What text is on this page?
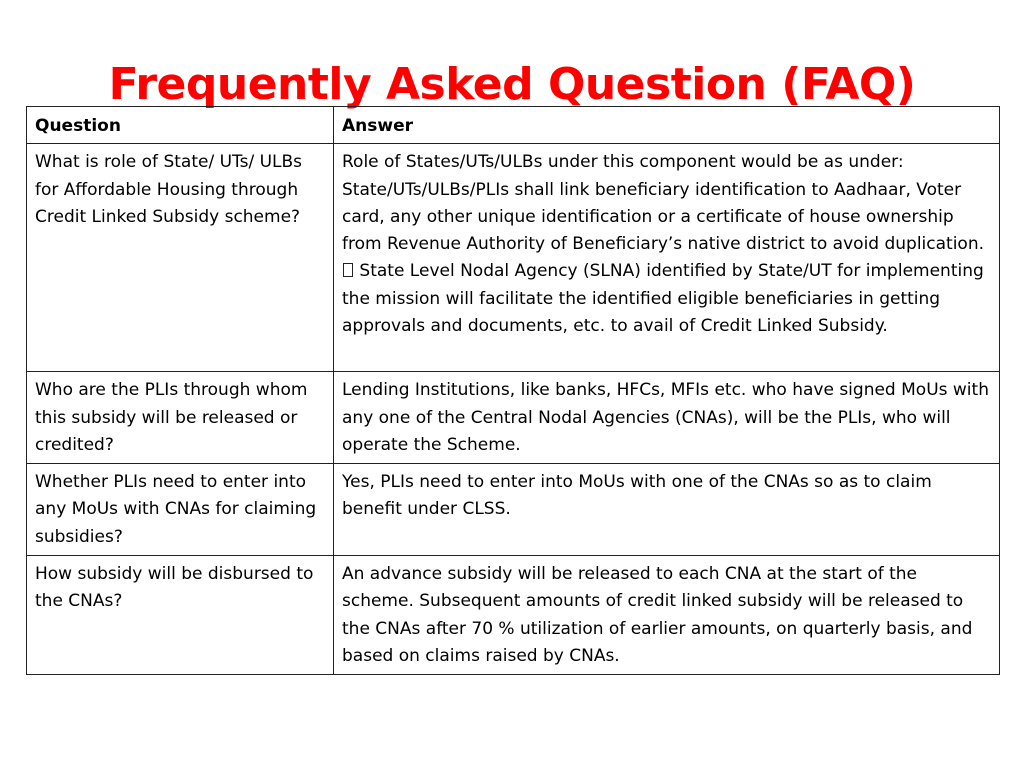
Frequently Asked Question (FAQ)
Question	Answer
What is role of State/ UTs/ ULBs for Affordable Housing through Credit Linked Subsidy scheme?	Role of States/UTs/ULBs under this component would be as under: State/UTs/ULBs/PLIs shall link beneficiary identification to Aadhaar, Voter card, any other unique identification or a certificate of house ownership from Revenue Authority of Beneficiary’s native district to avoid duplication.  State Level Nodal Agency (SLNA) identified by State/UT for implementing the mission will facilitate the identified eligible beneficiaries in getting approvals and documents, etc. to avail of Credit Linked Subsidy.
Who are the PLIs through whom this subsidy will be released or credited?	Lending Institutions, like banks, HFCs, MFIs etc. who have signed MoUs with any one of the Central Nodal Agencies (CNAs), will be the PLIs, who will operate the Scheme.
Whether PLIs need to enter into any MoUs with CNAs for claiming subsidies?	Yes, PLIs need to enter into MoUs with one of the CNAs so as to claim benefit under CLSS.
How subsidy will be disbursed to the CNAs?	An advance subsidy will be released to each CNA at the start of the scheme. Subsequent amounts of credit linked subsidy will be released to the CNAs after 70 % utilization of earlier amounts, on quarterly basis, and based on claims raised by CNAs.
